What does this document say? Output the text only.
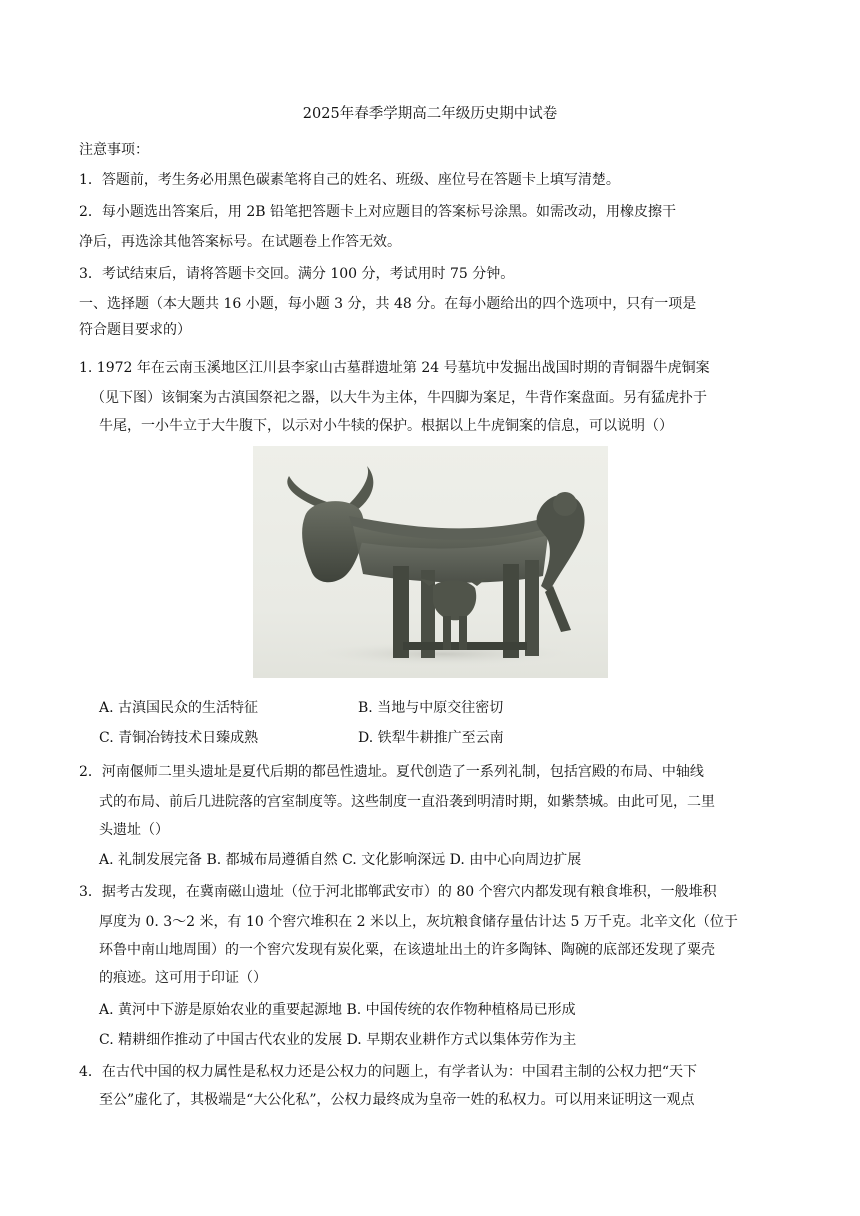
2025年春季学期高二年级历史期中试卷
注意事项：
1．答题前，考生务必用黑色碳素笔将自己的姓名、班级、座位号在答题卡上填写清楚。
2．每小题选出答案后，用 2B 铅笔把答题卡上对应题目的答案标号涂黑。如需改动，用橡皮擦干
净后，再选涂其他答案标号。在试题卷上作答无效。
3．考试结束后，请将答题卡交回。满分 100 分，考试用时 75 分钟。
一、选择题（本大题共 16 小题，每小题 3 分，共 48 分。在每小题给出的四个选项中，只有一项是
符合题目要求的）
1. 1972 年在云南玉溪地区江川县李家山古墓群遗址第 24 号墓坑中发掘出战国时期的青铜器牛虎铜案
（见下图）该铜案为古滇国祭祀之器，以大牛为主体，牛四脚为案足，牛背作案盘面。另有猛虎扑于
牛尾，一小牛立于大牛腹下，以示对小牛犊的保护。根据以上牛虎铜案的信息，可以说明（）
A. 古滇国民众的生活特征	B. 当地与中原交往密切
C. 青铜冶铸技术日臻成熟	D. 铁犁牛耕推广至云南
2．河南偃师二里头遗址是夏代后期的都邑性遗址。夏代创造了一系列礼制，包括宫殿的布局、中轴线
式的布局、前后几进院落的宫室制度等。这些制度一直沿袭到明清时期，如紫禁城。由此可见，二里
头遗址（）
A. 礼制发展完备 B. 都城布局遵循自然 C. 文化影响深远 D. 由中心向周边扩展
3．据考古发现，在冀南磁山遗址（位于河北邯郸武安市）的 80 个窖穴内都发现有粮食堆积，一般堆积
厚度为 0. 3～2 米，有 10 个窖穴堆积在 2 米以上，灰坑粮食储存量估计达 5 万千克。北辛文化（位于
环鲁中南山地周围）的一个窖穴发现有炭化粟，在该遗址出土的许多陶钵、陶碗的底部还发现了粟壳
的痕迹。这可用于印证（）
A. 黄河中下游是原始农业的重要起源地 B. 中国传统的农作物种植格局已形成
C. 精耕细作推动了中国古代农业的发展 D. 早期农业耕作方式以集体劳作为主
4．在古代中国的权力属性是私权力还是公权力的问题上，有学者认为：中国君主制的公权力把“天下
至公”虚化了，其极端是“大公化私”，公权力最终成为皇帝一姓的私权力。可以用来证明这一观点
